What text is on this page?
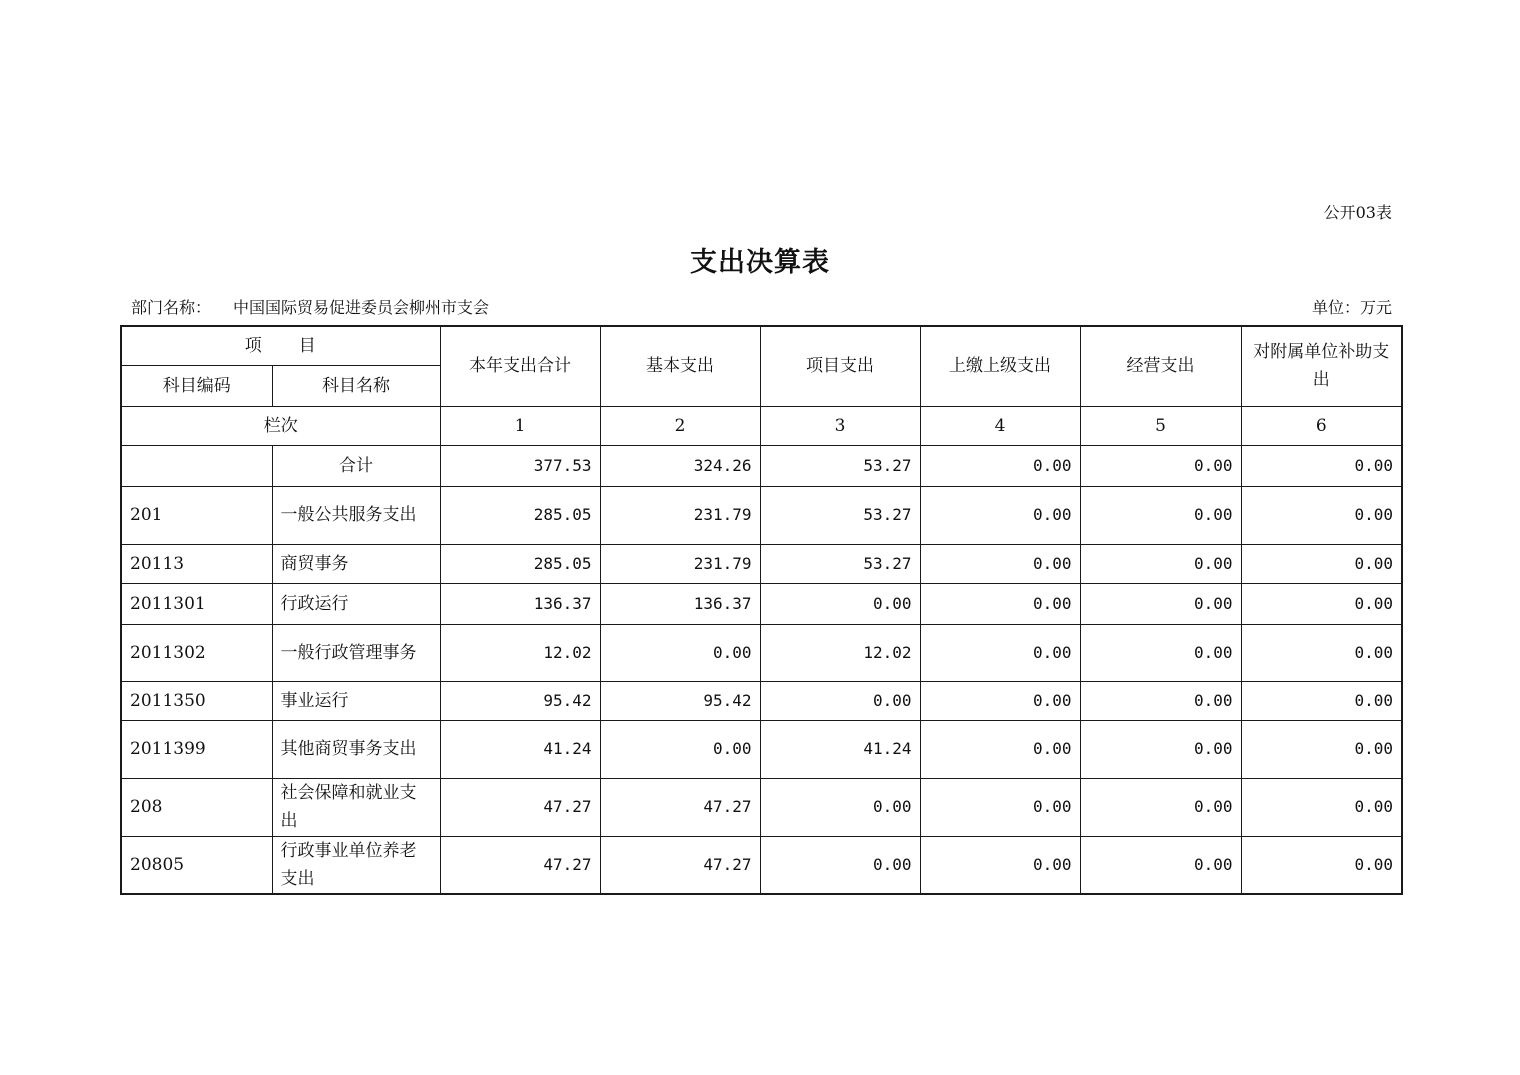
公开03表
支出决算表
部门名称： 中国国际贸易促进委员会柳州市支会	单位：万元
项　　目		本年支出合计	基本支出	项目支出	上缴上级支出	经营支出	对附属单位补助支出
科目编码	科目名称						
栏次		1	2	3	4	5	6
	合计	377.53	324.26	53.27	0.00	0.00	0.00
201	一般公共服务支出	285.05	231.79	53.27	0.00	0.00	0.00
20113	商贸事务	285.05	231.79	53.27	0.00	0.00	0.00
2011301	行政运行	136.37	136.37	0.00	0.00	0.00	0.00
2011302	一般行政管理事务	12.02	0.00	12.02	0.00	0.00	0.00
2011350	事业运行	95.42	95.42	0.00	0.00	0.00	0.00
2011399	其他商贸事务支出	41.24	0.00	41.24	0.00	0.00	0.00
208	社会保障和就业支出	47.27	47.27	0.00	0.00	0.00	0.00
20805	行政事业单位养老支出	47.27	47.27	0.00	0.00	0.00	0.00
